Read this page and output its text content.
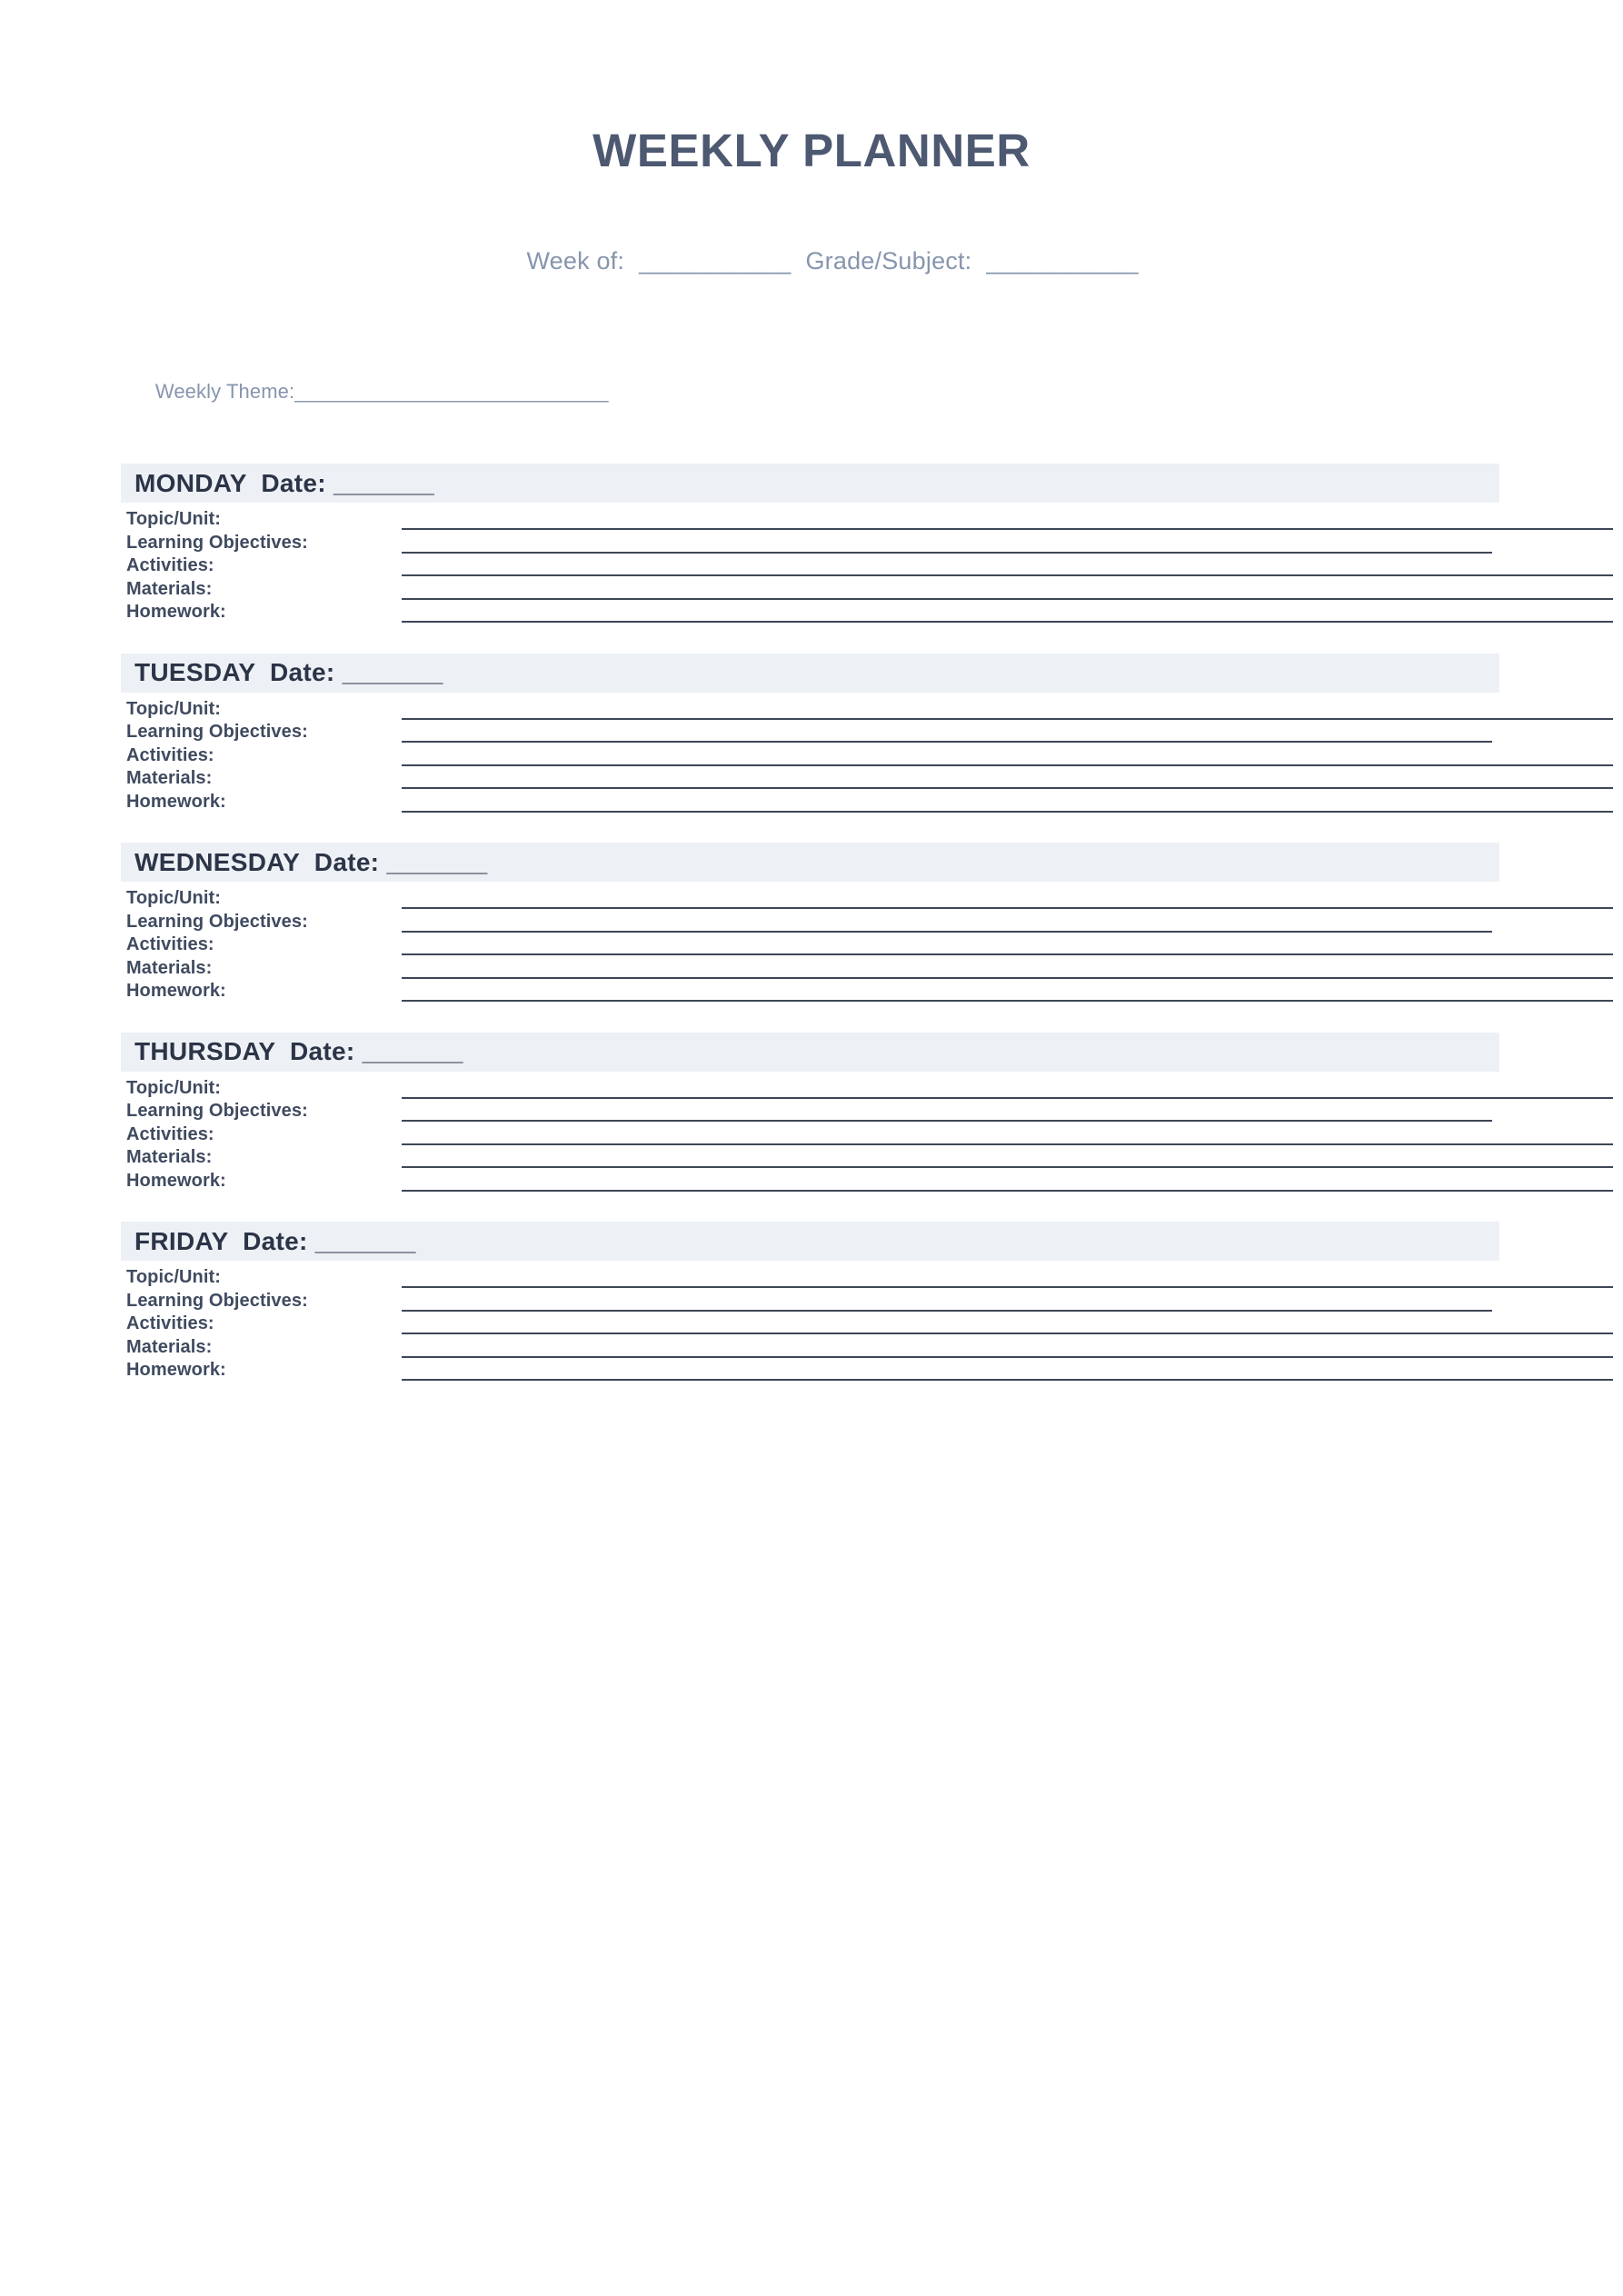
WEEKLY PLANNER

Week of: ___________ Grade/Subject: ___________

Weekly Theme:____________________________

MONDAY  Date: _______
Topic/Unit:
Learning Objectives:
Activities:
Materials:
Homework:
TUESDAY  Date: _______
Topic/Unit:
Learning Objectives:
Activities:
Materials:
Homework:
WEDNESDAY  Date: _______
Topic/Unit:
Learning Objectives:
Activities:
Materials:
Homework:
THURSDAY  Date: _______
Topic/Unit:
Learning Objectives:
Activities:
Materials:
Homework:
FRIDAY  Date: _______
Topic/Unit:
Learning Objectives:
Activities:
Materials:
Homework:
